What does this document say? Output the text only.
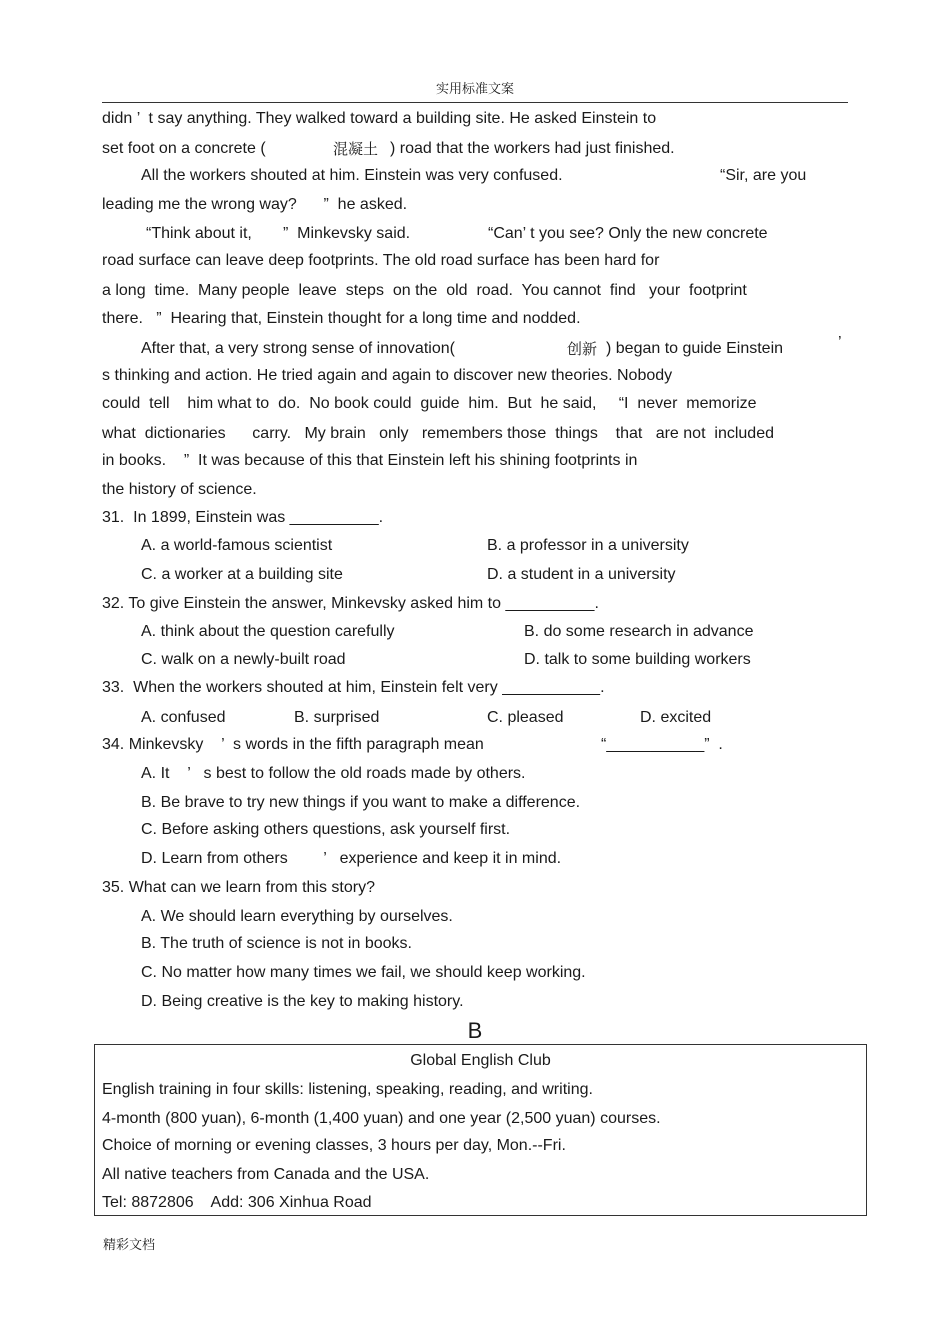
实用标准文案
didn ’  t say anything. They walked toward a building site. He asked Einstein to
set foot on a concrete (	混凝土 ) road that the workers had just finished.
All the workers shouted at him. Einstein was very confused.	“Sir, are you
leading me the wrong way?      ”  he asked.
“Think about it,       ”  Minkevsky said.	“Can’ t you see? Only the new concrete
road surface can leave deep footprints. The old road surface has been hard for
a long  time.  Many people  leave  steps  on the  old  road.  You cannot  find   your  footprint
there.   ”  Hearing that, Einstein thought for a long time and nodded.
After that, a very strong sense of innovation(	创新 ) began to guide Einstein	’
s thinking and action. He tried again and again to discover new theories. Nobody
could  tell    him what to  do.  No book could  guide  him.  But  he said,     “I  never  memorize
what  dictionaries      carry.   My brain   only   remembers those  things    that   are not  included
in books.    ”  It was because of this that Einstein left his shining footprints in
the history of science.
31.  In 1899, Einstein was __________.
A. a world-famous scientist	B. a professor in a university
C. a worker at a building site	D. a student in a university
32. To give Einstein the answer, Minkevsky asked him to __________.
A. think about the question carefully	B. do some research in advance
C. walk on a newly-built road	D. talk to some building workers
33.  When the workers shouted at him, Einstein felt very ___________.
A. confused	B. surprised	C. pleased	D. excited
34. Minkevsky    ’  s words in the fifth paragraph mean	“___________”  .
A. It    ’   s best to follow the old roads made by others.
B. Be brave to try new things if you want to make a difference.
C. Before asking others questions, ask yourself first.
D. Learn from others        ’   experience and keep it in mind.
35. What can we learn from this story?
A. We should learn everything by ourselves.
B. The truth of science is not in books.
C. No matter how many times we fail, we should keep working.
D. Being creative is the key to making history.
B
Global English Club
English training in four skills: listening, speaking, reading, and writing.
4-month (800 yuan), 6-month (1,400 yuan) and one year (2,500 yuan) courses.
Choice of morning or evening classes, 3 hours per day, Mon.--Fri.
All native teachers from Canada and the USA.
Tel: 8872806    Add: 306 Xinhua Road
精彩文档
